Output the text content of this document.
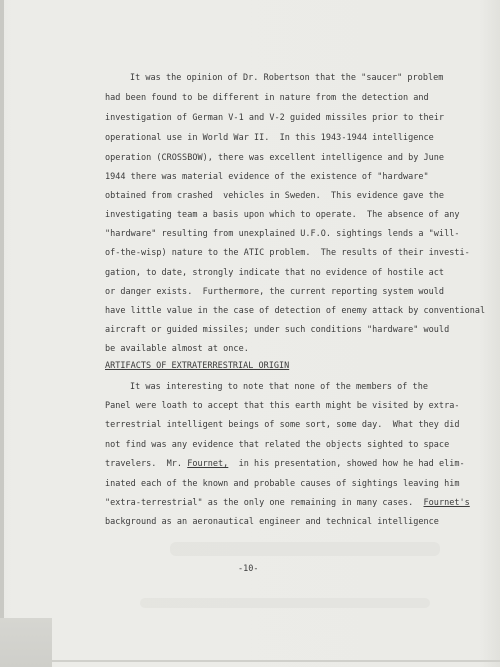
It was the opinion of Dr. Robertson that the "saucer" problem
had been found to be different in nature from the detection and
investigation of German V-1 and V-2 guided missiles prior to their
operational use in World War II.  In this 1943-1944 intelligence
operation (CROSSBOW), there was excellent intelligence and by June
1944 there was material evidence of the existence of "hardware"
obtained from crashed  vehicles in Sweden.  This evidence gave the
investigating team a basis upon which to operate.  The absence of any
"hardware" resulting from unexplained U.F.O. sightings lends a "will-
of-the-wisp) nature to the ATIC problem.  The results of their investi-
gation, to date, strongly indicate that no evidence of hostile act
or danger exists.  Furthermore, the current reporting system would
have little value in the case of detection of enemy attack by conventional
aircraft or guided missiles; under such conditions "hardware" would
be available almost at once.
ARTIFACTS OF EXTRATERRESTRIAL ORIGIN
It was interesting to note that none of the members of the
Panel were loath to accept that this earth might be visited by extra-
terrestrial intelligent beings of some sort, some day.  What they did
not find was any evidence that related the objects sighted to space
travelers.  Mr. Fournet,  in his presentation, showed how he had elim-
inated each of the known and probable causes of sightings leaving him
"extra-terrestrial" as the only one remaining in many cases.  Fournet's
background as an aeronautical engineer and technical intelligence
-10-
